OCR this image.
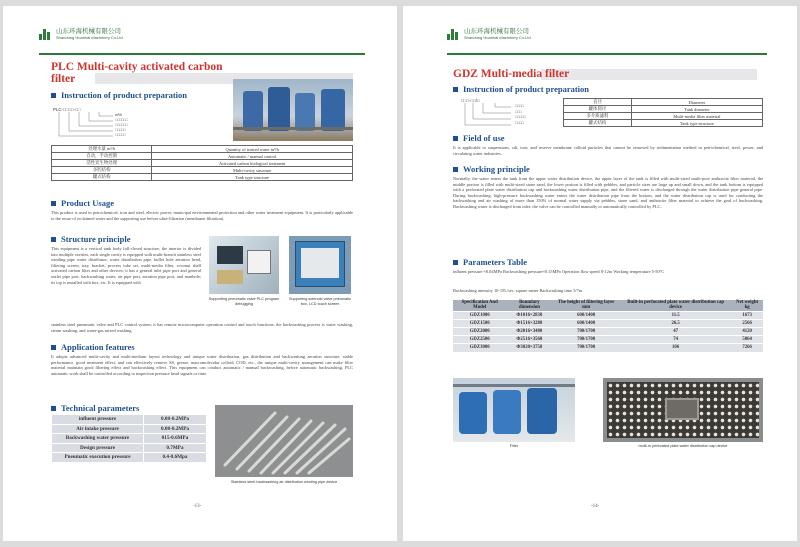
山东环海机械有限公司
Shandong Huanhai Machinery Co.Ltd
PLC Multi-cavity activated carbon
filter
Instruction of product preparation
PLC-□□□□-□□
m³/h
□□□□□□
□□□□□□
□□□□□
□□□□□
处理水量 m³/h	Quantity of treated water m³/h
自动，手动控制	Automatic / manual control
活性炭生物处理	Activated carbon biological treatment
多腔结构	Multi-cavity structure
罐式结构	Tank type structure
Product Usage
This product is used in petrochemical, iron and steel, electric power, municipal environmental protection and other water treatment equipment. It is particularly applicable to the reuse of reclaimed water and the supporting use before ultra-filtration (membrane filtration).
Structure principle
This equipment is a vertical tank body full-closed structure, the interior is divided into multiple cavities, each single cavity is equipped with multi-branch stainless steel winding pipe water distributor, water distribution pipe, bullet hole aeration head, filtering screen, tray, bracket, process tube set, multi-media filter, coconut shell activated carbon filter and other devices; it has a general inlet pipe port and general outlet pipe port, backwashing water, air pipe port, aeration pipe port, and manhole; its top is installed with box, etc. It is equipped with
stainless steel pneumatic valve and PLC control system; it has remote microcomputer operation control and touch functions; the backwashing process is water washing, steam washing, and water-gas mixed washing.
Supporting pneumatic valve PLC program debugging
Supporting solenoid valve pneumatic box, LCD touch screen
Application features
It adopts advanced multi-cavity and multi-medium layout technology and unique water distribution, gas distribution and backwashing aeration structure, stable performance, good treatment effect, and can effectively remove SS, grease, macromolecular colloid, COD, etc., the unique multi-cavity arrangement can make filter material maintain good filtering effect and backwashing effect. This equipment can conduct automatic / manual backwashing, before automatic backwashing, PLC automatic work shall be controlled according to inspection pressure head signals or time.
Technical parameters
influent pressure	0.08-0.2MPa
Air intake pressure	0.08-0.2MPa
Backwashing water pressure	015-0.6MPa
Design pressure	0.7MPa
Pneumatic execution pressure	0.4-0.6Mpa
Stainless steel backwashing air distribution winding pipe device
-13-
山东环海机械有限公司
Shandong Huanhai Machinery Co.Ltd
GDZ Multi-media filter
Instruction of product preparation
□□□-□□/□
□□□□
□□□
□□□□□
□□□□
直径	Diameter
罐体筒径	Tank diameter
多介质滤料	Multi-media filter material
罐式结构	Tank type structure
Field of use
It is applicable to suspensions, silt, iron, and reserve membrane colloid particles that cannot be removed by sedimentation method in petrochemical, steel, power, and circulating water industries.
Working principle
Normally, the water enters the tank from the upper water distribution device, the upper layer of the tank is filled with multi-sized multi-pore anthracite filter material, the middle portion is filled with multi-sized stone sand, the lower portion is filled with pebbles, and particle sizes are large up and small down, and the tank bottom is equipped with a perforated plate water distribution cap and backwashing water distribution pipe, and the filtered water is discharged through the water distribution pipe general pipe. During backwashing, high-pressure backwashing water enters the water distribution pipe from the bottom, and the water distribution cap is used for conducting the backwashing and air washing of more than 150% of normal water supply via pebbles, stone sand, and anthracite filter material to achieve the goal of backwashing. Backwashing water is discharged from inlet; the valve can be controlled manually or automatically controlled by PLC.
Parameters Table
influent pressure ≈0.04MPa Backwashing pressure≈0.15MPa Operation flow speed 8-12m Working temperature 5-50°C
Backwashing intensity 10-15L/sec. square meter Backwashing time 5/7m
Specification And Model	Boundary dimension	The height of filtering layer mm	Built-in perforated plate water distribution cap device	Net weight kg
GDZ1000	Φ1016×2830	600/1400	11.5	1673
GDZ1500	Φ1516×3280	600/1400	26.5	2566
GDZ2000	Φ2016×3480	700/1700	47	4120
GDZ2500	Φ2516×3560	700/1700	74	5064
GDZ3000	Φ3020×3750	700/1700	106	7266
Filter	multi-m perforated plate water distribution cap device
-14-
